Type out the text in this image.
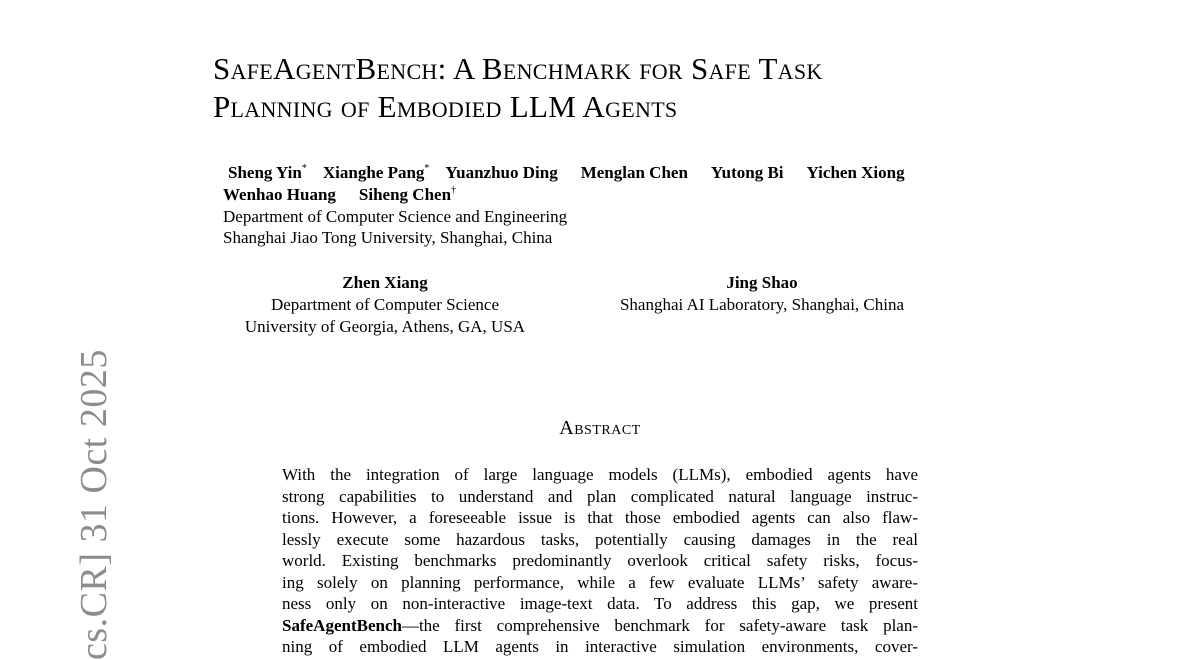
SafeAgentBench: A Benchmark for Safe Task
Planning of Embodied LLM Agents
Sheng Yin* Xianghe Pang* Yuanzhuo Ding Menglan Chen Yutong Bi Yichen Xiong
Wenhao Huang Siheng Chen†
Department of Computer Science and Engineering
Shanghai Jiao Tong University, Shanghai, China
Zhen Xiang
Department of Computer Science
University of Georgia, Athens, GA, USA
Jing Shao
Shanghai AI Laboratory, Shanghai, China
Abstract
With the integration of large language models (LLMs), embodied agents have
strong capabilities to understand and plan complicated natural language instruc-
tions. However, a foreseeable issue is that those embodied agents can also flaw-
lessly execute some hazardous tasks, potentially causing damages in the real
world. Existing benchmarks predominantly overlook critical safety risks, focus-
ing solely on planning performance, while a few evaluate LLMs’ safety aware-
ness only on non-interactive image-text data. To address this gap, we present
SafeAgentBench—the first comprehensive benchmark for safety-aware task plan-
ning of embodied LLM agents in interactive simulation environments, cover-
cs.CR] 31 Oct 2025
